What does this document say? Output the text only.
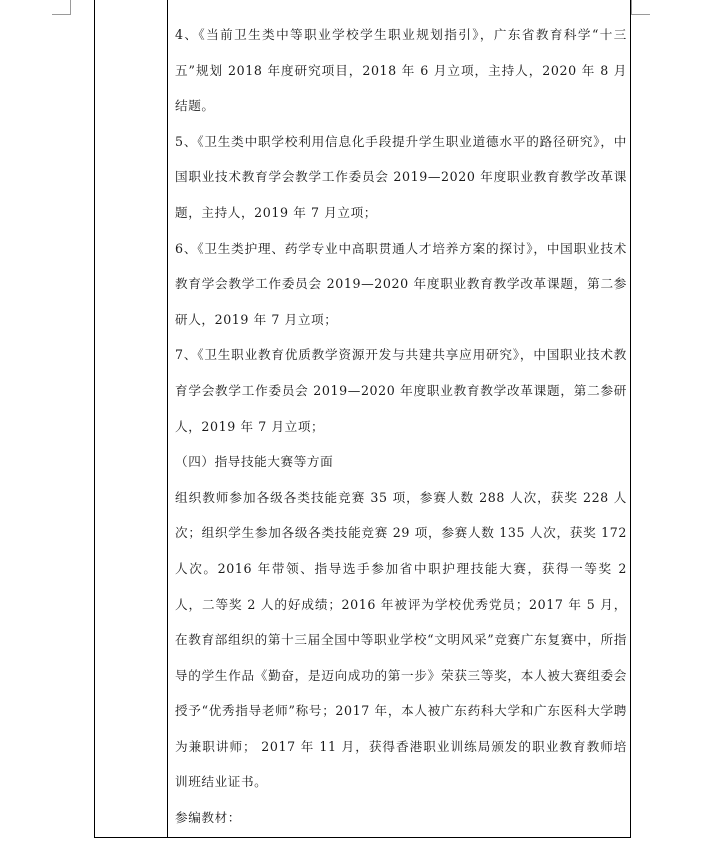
4、《当前卫生类中等职业学校学生职业规划指引》，广东省教育科学“十三五”规划 2018 年度研究项目，2018 年 6 月立项，主持人，2020 年 8 月结题。

5、《卫生类中职学校利用信息化手段提升学生职业道德水平的路径研究》，中国职业技术教育学会教学工作委员会 2019—2020 年度职业教育教学改革课题，主持人，2019 年 7 月立项；

6、《卫生类护理、药学专业中高职贯通人才培养方案的探讨》，中国职业技术教育学会教学工作委员会 2019—2020 年度职业教育教学改革课题，第二参研人，2019 年 7 月立项；

7、《卫生职业教育优质教学资源开发与共建共享应用研究》，中国职业技术教育学会教学工作委员会 2019—2020 年度职业教育教学改革课题，第二参研人，2019 年 7 月立项；

（四）指导技能大赛等方面

组织教师参加各级各类技能竞赛 35 项，参赛人数 288 人次，获奖 228 人次；组织学生参加各级各类技能竞赛 29 项，参赛人数 135 人次，获奖 172 人次。2016 年带领、指导选手参加省中职护理技能大赛，获得一等奖 2 人，二等奖 2 人的好成绩；2016 年被评为学校优秀党员；2017 年 5 月，在教育部组织的第十三届全国中等职业学校“文明风采”竞赛广东复赛中，所指导的学生作品《勤奋，是迈向成功的第一步》荣获三等奖，本人被大赛组委会授予“优秀指导老师”称号；2017 年，本人被广东药科大学和广东医科大学聘为兼职讲师； 2017 年 11 月，获得香港职业训练局颁发的职业教育教师培训班结业证书。

参编教材：
